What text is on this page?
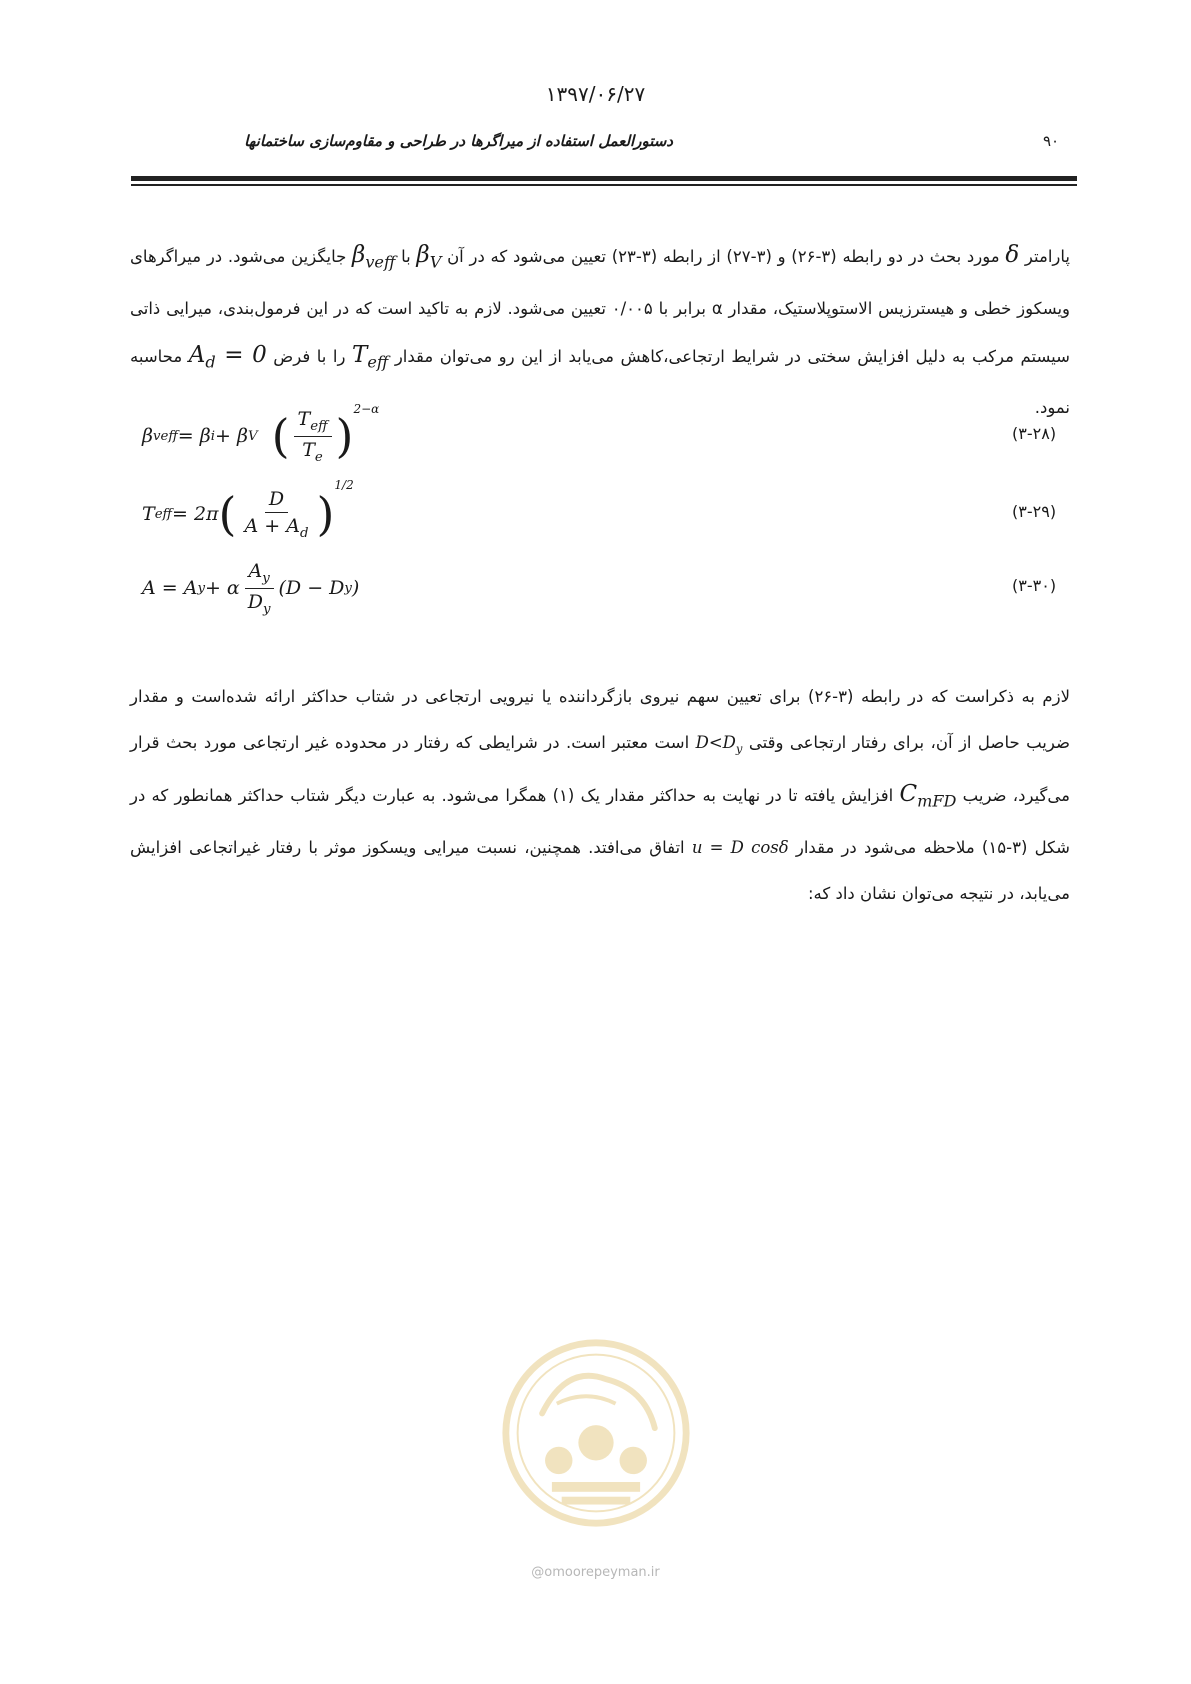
۱۳۹۷/۰۶/۲۷
دستورالعمل استفاده از میراگرها در طراحی و مقاوم‌سازی ساختمانها	۹۰
پارامتر δ مورد بحث در دو رابطه (۳-۲۶) و (۳-۲۷) از رابطه (۳-۲۳) تعیین می‌شود که در آن $\beta_V$ با $\beta_{veff}$ جایگزین می‌شود. در میراگرهای ویسکوز خطی و هیسترزیس الاستوپلاستیک، مقدار α برابر با ۰/۰۰۵ تعیین می‌شود. لازم به تاکید است که در این فرمول‌بندی، میرایی ذاتی سیستم مرکب به دلیل افزایش سختی در شرایط ارتجاعی،کاهش می‌یابد از این رو می‌توان مقدار $T_{eff}$ را با فرض $A_d = 0$ محاسبه نمود.
β veff = β i + β V ( $\frac{T_{eff}}{T_e}$ ) 2−α
(۳-۲۸)
T eff = 2π ( $\frac{D}{A + A_d}$ )
1/2
(۳-۲۹)
A = A y + α $\frac{A_y}{D_y} (D - D$ y )	(۳-۳۰)
لازم به ذکراست که در رابطه (۳-۲۶) برای تعیین سهم نیروی بازگرداننده یا نیرویی ارتجاعی در شتاب حداکثر ارائه شده‌است و مقدار ضریب حاصل از آن، برای رفتار ارتجاعی وقتی $D<D_y$ است معتبر است. در شرایطی که رفتار در محدوده غیر ارتجاعی مورد بحث قرار می‌گیرد، ضریب $C_{mFD}$ افزایش یافته تا در نهایت به حداکثر مقدار یک (۱) همگرا می‌شود. به عبارت دیگر شتاب حداکثر همانطور که در شکل (۳-۱۵) ملاحظه می‌شود در مقدار u = D cosδ اتفاق می‌افتد. همچنین، نسبت میرایی ویسکوز موثر با رفتار غیراتجاعی افزایش می‌یابد، در نتیجه می‌توان نشان داد که:
@omoorepeyman.ir
